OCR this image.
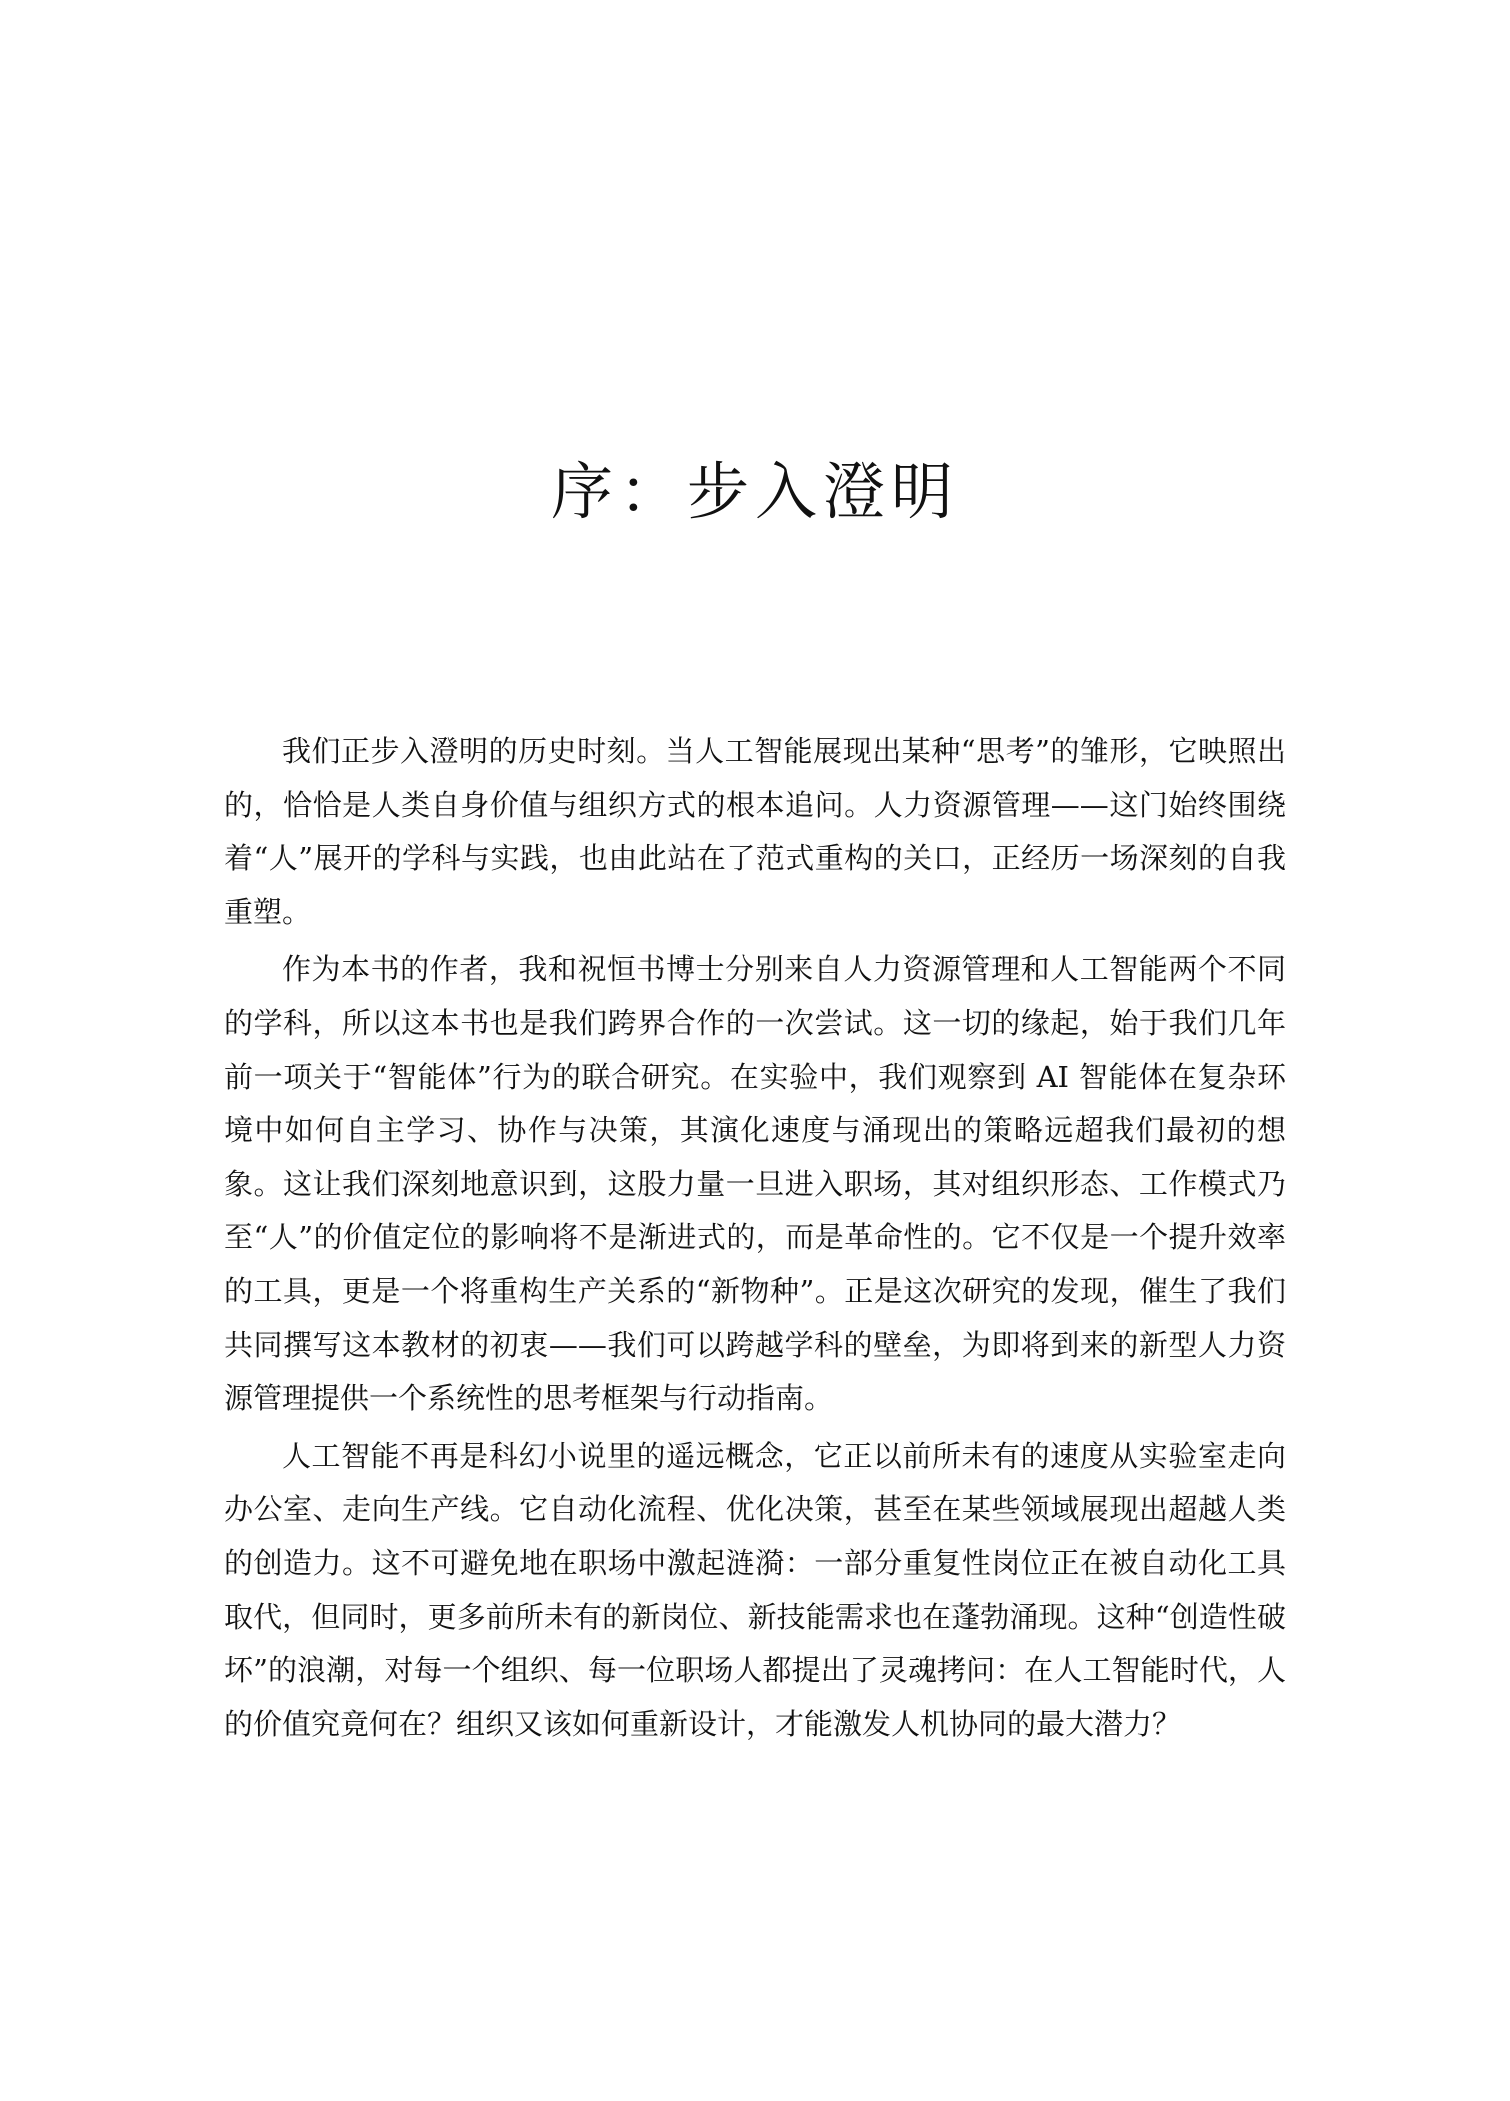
序：步入澄明

我们正步入澄明的历史时刻。当人工智能展现出某种“思考”的雏形，它映照出的，恰恰是人类自身价值与组织方式的根本追问。人力资源管理——这门始终围绕着“人”展开的学科与实践，也由此站在了范式重构的关口，正经历一场深刻的自我重塑。

作为本书的作者，我和祝恒书博士分别来自人力资源管理和人工智能两个不同的学科，所以这本书也是我们跨界合作的一次尝试。这一切的缘起，始于我们几年前一项关于“智能体”行为的联合研究。在实验中，我们观察到 AI 智能体在复杂环境中如何自主学习、协作与决策，其演化速度与涌现出的策略远超我们最初的想象。这让我们深刻地意识到，这股力量一旦进入职场，其对组织形态、工作模式乃至“人”的价值定位的影响将不是渐进式的，而是革命性的。它不仅是一个提升效率的工具，更是一个将重构生产关系的“新物种”。正是这次研究的发现，催生了我们共同撰写这本教材的初衷——我们可以跨越学科的壁垒，为即将到来的新型人力资源管理提供一个系统性的思考框架与行动指南。

人工智能不再是科幻小说里的遥远概念，它正以前所未有的速度从实验室走向办公室、走向生产线。它自动化流程、优化决策，甚至在某些领域展现出超越人类的创造力。这不可避免地在职场中激起涟漪：一部分重复性岗位正在被自动化工具取代，但同时，更多前所未有的新岗位、新技能需求也在蓬勃涌现。这种“创造性破坏”的浪潮，对每一个组织、每一位职场人都提出了灵魂拷问：在人工智能时代，人的价值究竟何在？组织又该如何重新设计，才能激发人机协同的最大潜力？
